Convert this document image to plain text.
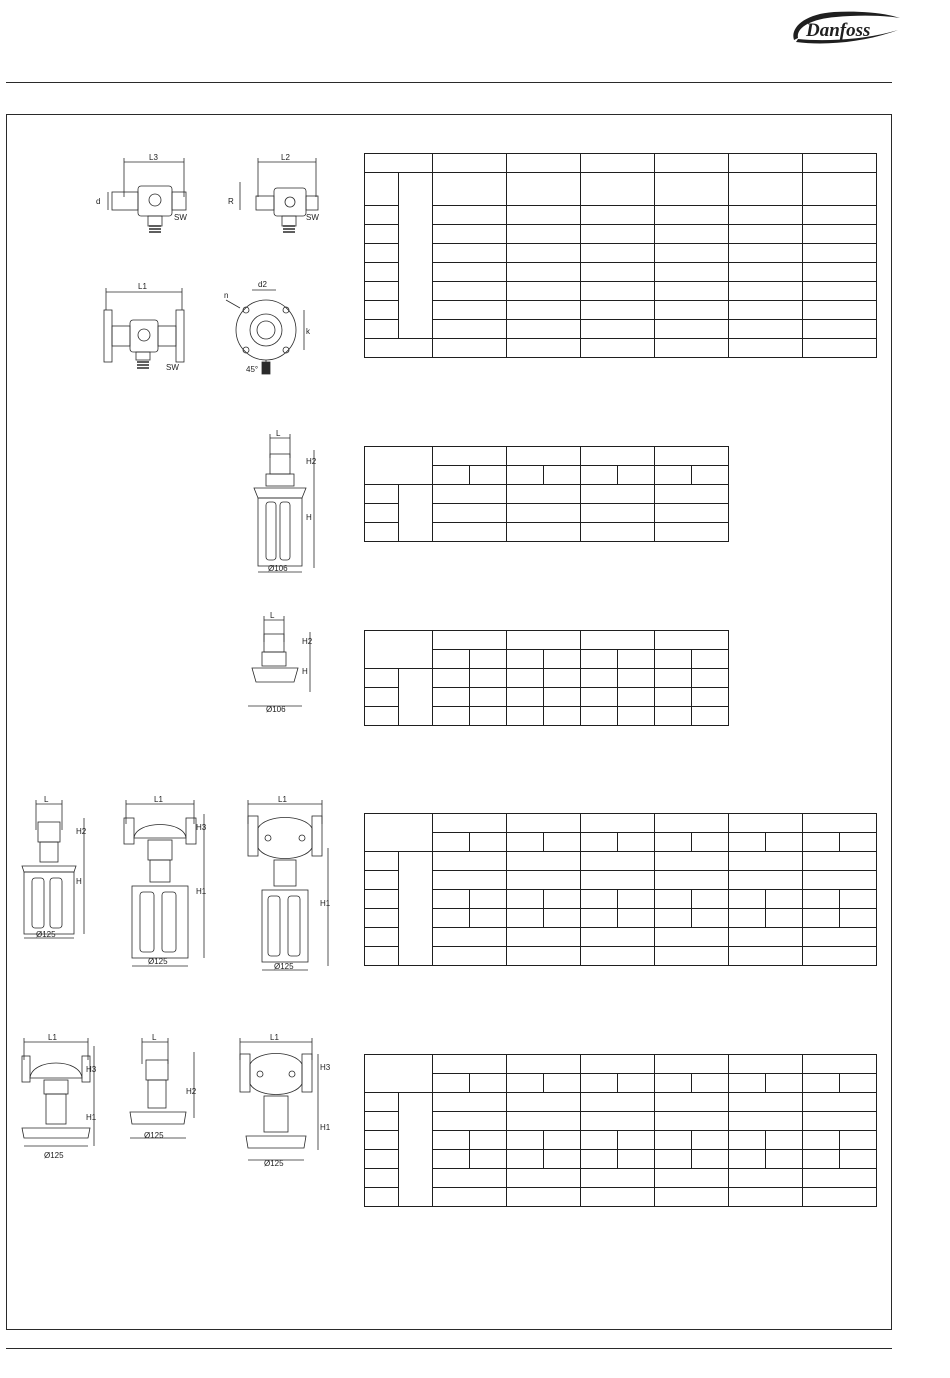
Danfoss
L3
d
SW
L2
R
SW
L1
SW
d2
n
k
45°
L
H2
H
Ø106
L
H2
H
Ø106
L
H2
H
Ø125
L1
H3
H1
Ø125
L1
H1
Ø125
L1
H3
H1
Ø125
L
H2
Ø125
L1
H3
H1
Ø125
